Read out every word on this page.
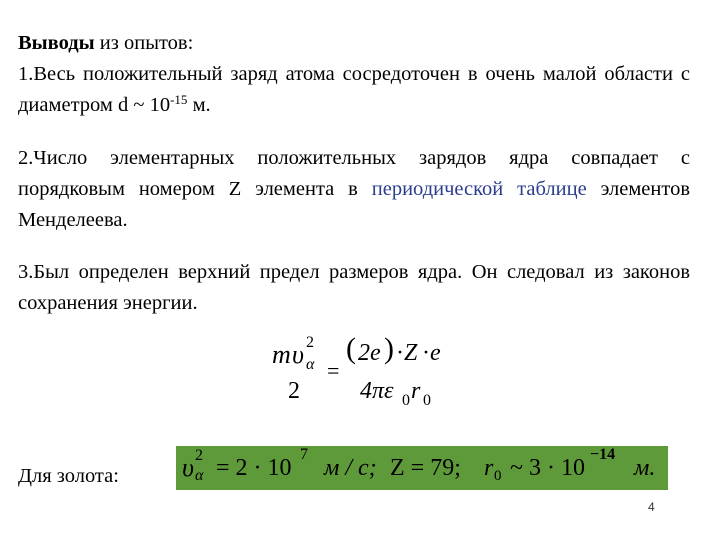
Выводы из опытов:
1.Весь положительный заряд атома сосредоточен в очень малой области с диаметром d ~ $10^{-15}$ м.
2.Число элементарных положительных зарядов ядра совпадает с порядковым номером Z элемента в периодической таблице элементов Менделеева.
3.Был определен верхний предел размеров ядра. Он следовал из законов сохранения энергии.
m υ 2
α
2
=
( 2e ) · Z · e
4πε 0 r 0
Для золота:	υ 2
α = 2 · 10
7
м / с; Z = 79; r 0 ~ 3 · 10
−14
м.
4
